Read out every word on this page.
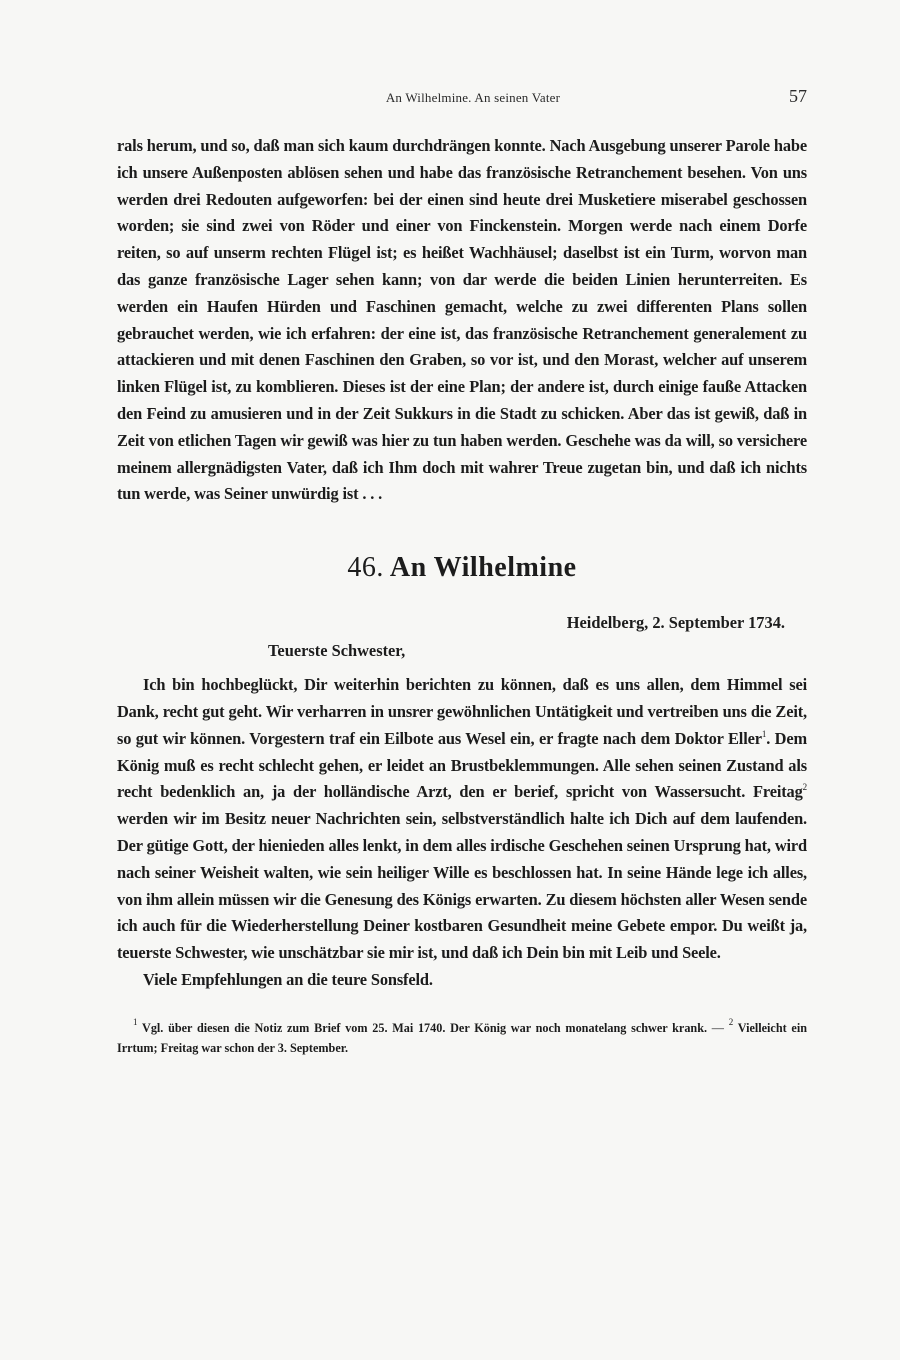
An Wilhelmine. An seinen Vater	57

rals herum, und so, daß man sich kaum durchdrängen konnte. Nach Ausgebung unserer Parole habe ich unsere Außenposten ablösen sehen und habe das französische Retranchement besehen. Von uns werden drei Redouten aufgeworfen: bei der einen sind heute drei Musketiere miserabel geschossen worden; sie sind zwei von Röder und einer von Finckenstein. Morgen werde nach einem Dorfe reiten, so auf unserm rechten Flügel ist; es heißet Wachhäusel; daselbst ist ein Turm, worvon man das ganze französische Lager sehen kann; von dar werde die beiden Linien herunterreiten. Es werden ein Haufen Hürden und Faschinen gemacht, welche zu zwei differenten Plans sollen gebrauchet werden, wie ich erfahren: der eine ist, das französische Retranchement generalement zu attackieren und mit denen Faschinen den Graben, so vor ist, und den Morast, welcher auf unserem linken Flügel ist, zu komblieren. Dieses ist der eine Plan; der andere ist, durch einige fauße Attacken den Feind zu amusieren und in der Zeit Sukkurs in die Stadt zu schicken. Aber das ist gewiß, daß in Zeit von etlichen Tagen wir gewiß was hier zu tun haben werden. Geschehe was da will, so versichere meinem allergnädigsten Vater, daß ich Ihm doch mit wahrer Treue zugetan bin, und daß ich nichts tun werde, was Seiner unwürdig ist . . .

46. An Wilhelmine
Heidelberg, 2. September 1734.
Teuerste Schwester,

Ich bin hochbeglückt, Dir weiterhin berichten zu können, daß es uns allen, dem Himmel sei Dank, recht gut geht. Wir verharren in unsrer gewöhnlichen Untätigkeit und vertreiben uns die Zeit, so gut wir können. Vorgestern traf ein Eilbote aus Wesel ein, er fragte nach dem Doktor Eller$^1$. Dem König muß es recht schlecht gehen, er leidet an Brustbeklemmungen. Alle sehen seinen Zustand als recht bedenklich an, ja der holländische Arzt, den er berief, spricht von Wassersucht. Freitag$^2$ werden wir im Besitz neuer Nachrichten sein, selbstverständlich halte ich Dich auf dem laufenden. Der gütige Gott, der hienieden alles lenkt, in dem alles irdische Geschehen seinen Ursprung hat, wird nach seiner Weisheit walten, wie sein heiliger Wille es beschlossen hat. In seine Hände lege ich alles, von ihm allein müssen wir die Genesung des Königs erwarten. Zu diesem höchsten aller Wesen sende ich auch für die Wiederherstellung Deiner kostbaren Gesundheit meine Gebete empor. Du weißt ja, teuerste Schwester, wie unschätzbar sie mir ist, und daß ich Dein bin mit Leib und Seele.

Viele Empfehlungen an die teure Sonsfeld.

$^1$ Vgl. über diesen die Notiz zum Brief vom 25. Mai 1740. Der König war noch monatelang schwer krank. — $^2$ Vielleicht ein Irrtum; Freitag war schon der 3. September.
